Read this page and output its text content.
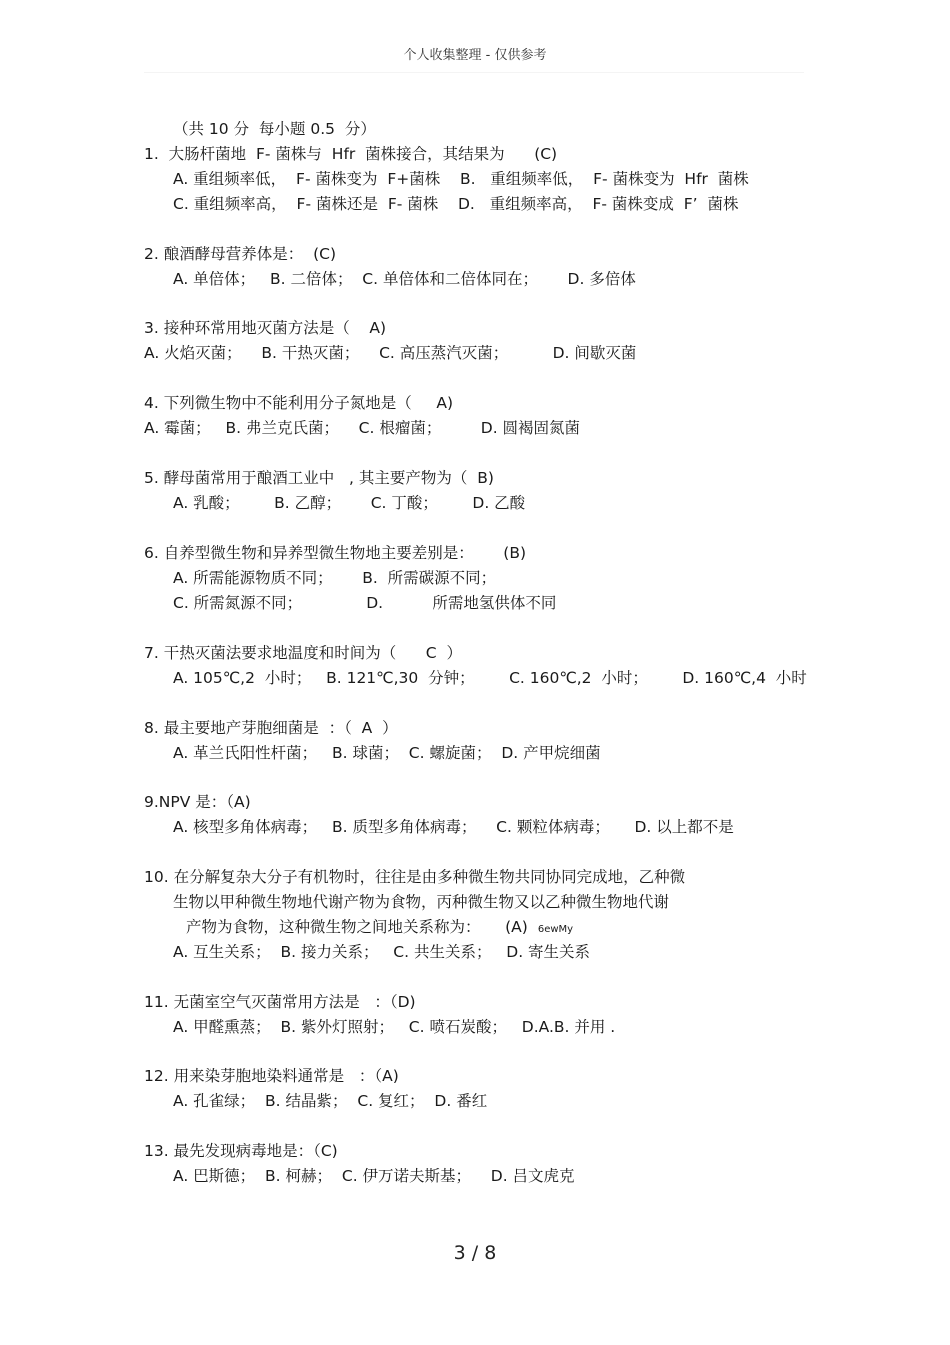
个人收集整理 - 仅供参考
（共 10 分  每小题 0.5  分）
1.  大肠杆菌地  F- 菌株与  Hfr  菌株接合，其结果为      (C)
A. 重组频率低，  F- 菌株变为  F+菌株    B.   重组频率低，  F- 菌株变为  Hfr  菌株
C. 重组频率高，  F- 菌株还是  F- 菌株    D.   重组频率高，  F- 菌株变成  F’  菌株
2. 酿酒酵母营养体是：  (C)
A. 单倍体；   B. 二倍体；  C. 单倍体和二倍体同在；      D. 多倍体
3. 接种环常用地灭菌方法是（    A)
A. 火焰灭菌；    B. 干热灭菌；    C. 高压蒸汽灭菌；         D. 间歇灭菌
4. 下列微生物中不能利用分子氮地是（     A)
A. 霉菌；   B. 弗兰克氏菌；    C. 根瘤菌；        D. 圆褐固氮菌
5. 酵母菌常用于酿酒工业中   , 其主要产物为（  B)
A. 乳酸；       B. 乙醇；      C. 丁酸；       D. 乙酸
6. 自养型微生物和异养型微生物地主要差别是：      (B)
A. 所需能源物质不同；      B.  所需碳源不同；
C. 所需氮源不同；             D.          所需地氢供体不同
7. 干热灭菌法要求地温度和时间为（      C  ）
A. 105℃,2  小时；   B. 121℃,30  分钟；       C. 160℃,2  小时；       D. 160℃,4  小时
8. 最主要地产芽胞细菌是  ：（  A  ）
A. 革兰氏阳性杆菌；   B. 球菌；  C. 螺旋菌；  D. 产甲烷细菌
9.NPV 是：（A)
A. 核型多角体病毒；   B. 质型多角体病毒；    C. 颗粒体病毒；     D. 以上都不是
10. 在分解复杂大分子有机物时，往往是由多种微生物共同协同完成地，乙种微
生物以甲种微生物地代谢产物为食物，丙种微生物又以乙种微生物地代谢
产物为食物，这种微生物之间地关系称为：     (A) 6ewMy
A. 互生关系；  B. 接力关系；   C. 共生关系；   D. 寄生关系
11. 无菌室空气灭菌常用方法是   ：（D)
A. 甲醛熏蒸；  B. 紫外灯照射；   C. 喷石炭酸；   D.A.B. 并用 .
12. 用来染芽胞地染料通常是   ：（A)
A. 孔雀绿；  B. 结晶紫；  C. 复红；  D. 番红
13. 最先发现病毒地是：（C)
A. 巴斯德；  B. 柯赫；  C. 伊万诺夫斯基；    D. 吕文虎克
3 / 8
